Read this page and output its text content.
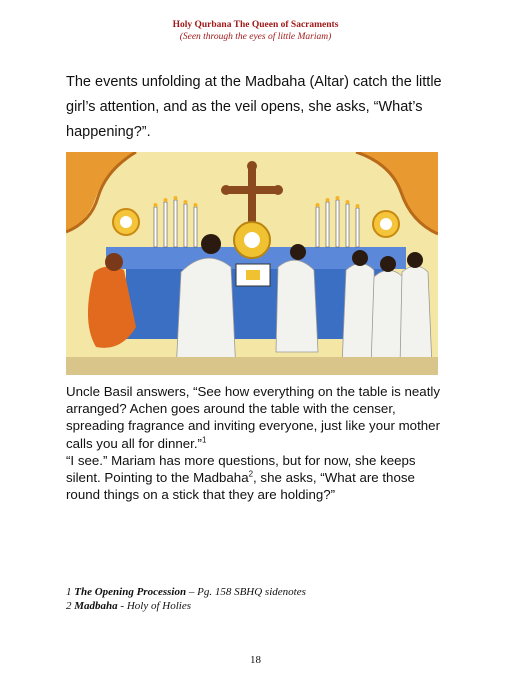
Holy Qurbana The Queen of Sacraments
(Seen through the eyes of little Mariam)

The events unfolding at the Madbaha (Altar) catch the little girl’s attention, and as the veil opens, she asks, “What’s happening?”.

Uncle Basil answers, “See how everything on the table is neatly arranged? Achen goes around the table with the censer, spreading fragrance and inviting everyone, just like your mother calls you all for dinner.”$^1$
“I see.” Mariam has more questions, but for now, she keeps silent. Pointing to the Madbaha$^2$, she asks, “What are those round things on a stick that they are holding?”
1 The Opening Procession – Pg. 158 SBHQ sidenotes
2 Madbaha - Holy of Holies
18
